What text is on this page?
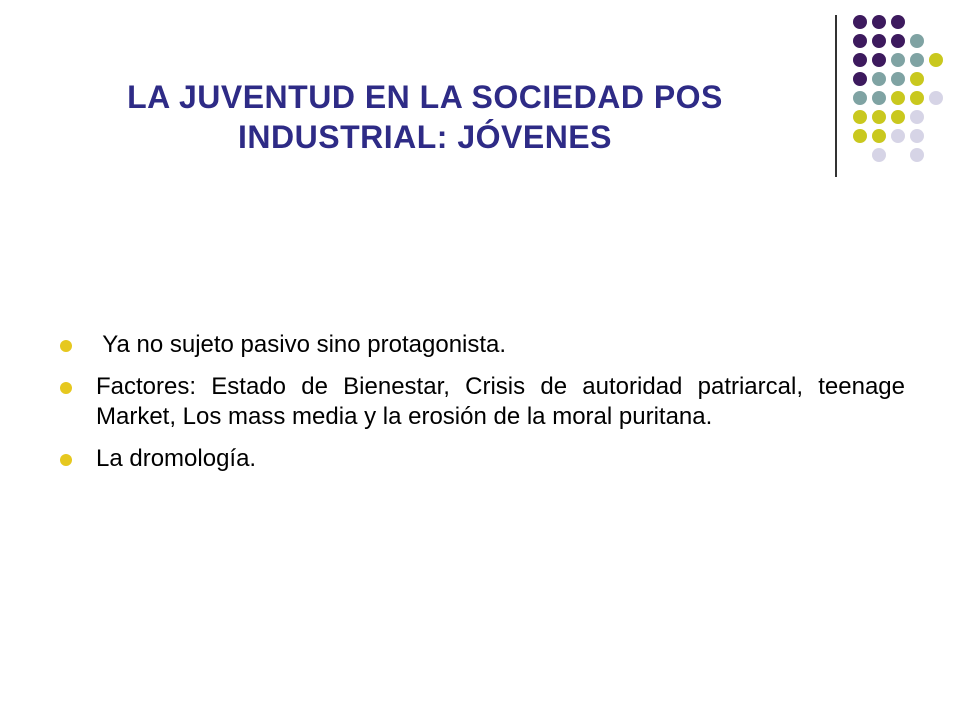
LA JUVENTUD EN LA SOCIEDAD POS
INDUSTRIAL: JÓVENES
Ya no sujeto pasivo sino protagonista.
Factores: Estado de Bienestar, Crisis de autoridad patriarcal, teenage Market, Los mass media y la erosión de la moral puritana.
La dromología.
